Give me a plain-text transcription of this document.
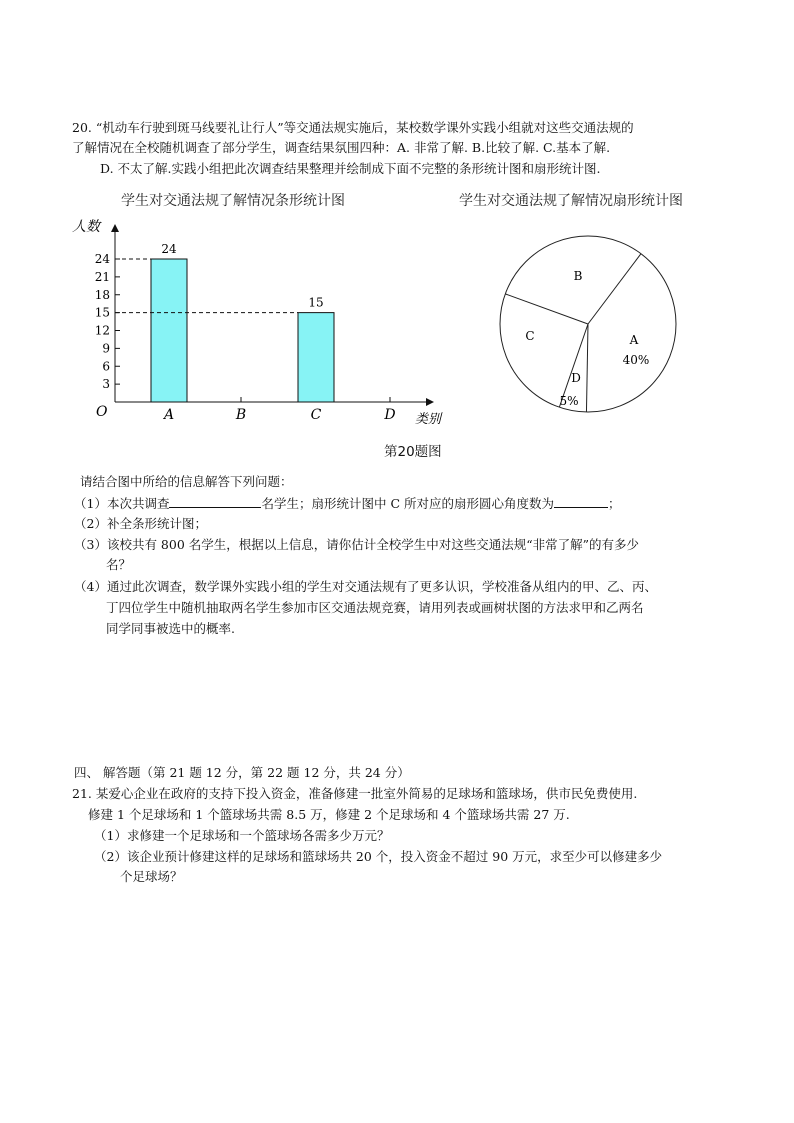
20. “机动车行驶到斑马线要礼让行人”等交通法规实施后，某校数学课外实践小组就对这些交通法规的
了解情况在全校随机调查了部分学生，调查结果氛围四种：A. 非常了解. B.比较了解. C.基本了解.
D. 不太了解.实践小组把此次调查结果整理并绘制成下面不完整的条形统计图和扇形统计图.
学生对交通法规了解情况条形统计图	学生对交通法规了解情况扇形统计图
3
6
9
12
15
18
21
24
A	B	C	D
24
15
人数
类别
O
A
40%
B
C
D
5%
第20题图
请结合图中所给的信息解答下列问题：
（1）本次共调查	名学生；扇形统计图中 C 所对应的扇形圆心角度数为	；
（2）补全条形统计图；
（3）该校共有 800 名学生，根据以上信息，请你估计全校学生中对这些交通法规“非常了解”的有多少
名？
（4）通过此次调查，数学课外实践小组的学生对交通法规有了更多认识，学校准备从组内的甲、乙、丙、
丁四位学生中随机抽取两名学生参加市区交通法规竞赛，请用列表或画树状图的方法求甲和乙两名
同学同事被选中的概率.
四、 解答题（第 21 题 12 分，第 22 题 12 分，共 24 分）
21. 某爱心企业在政府的支持下投入资金，准备修建一批室外简易的足球场和篮球场，供市民免费使用.
修建 1 个足球场和 1 个篮球场共需 8.5 万，修建 2 个足球场和 4 个篮球场共需 27 万.
（1）求修建一个足球场和一个篮球场各需多少万元？
（2）该企业预计修建这样的足球场和篮球场共 20 个，投入资金不超过 90 万元，求至少可以修建多少
个足球场？
